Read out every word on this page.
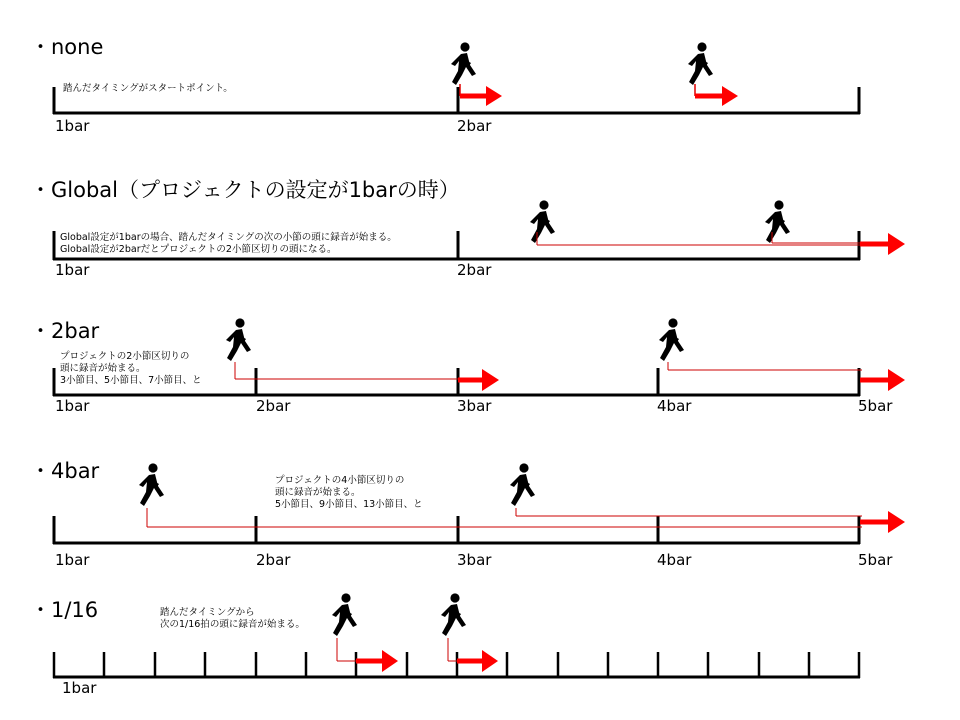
・none
・Global（プロジェクトの設定が1barの時）
・2bar
・4bar
・1/16
踏んだタイミングがスタートポイント。
Global設定が1barの場合、踏んだタイミングの次の小節の頭に録音が始まる。
Global設定が2barだとプロジェクトの2小節区切りの頭になる。
プロジェクトの2小節区切りの
頭に録音が始まる。
3小節目、5小節目、7小節目、と
プロジェクトの4小節区切りの
頭に録音が始まる。
5小節目、9小節目、13小節目、と
踏んだタイミングから
次の1/16拍の頭に録音が始まる。
1bar	2bar
1bar	2bar
1bar	2bar	3bar	4bar	5bar
1bar	2bar	3bar	4bar	5bar
1bar
